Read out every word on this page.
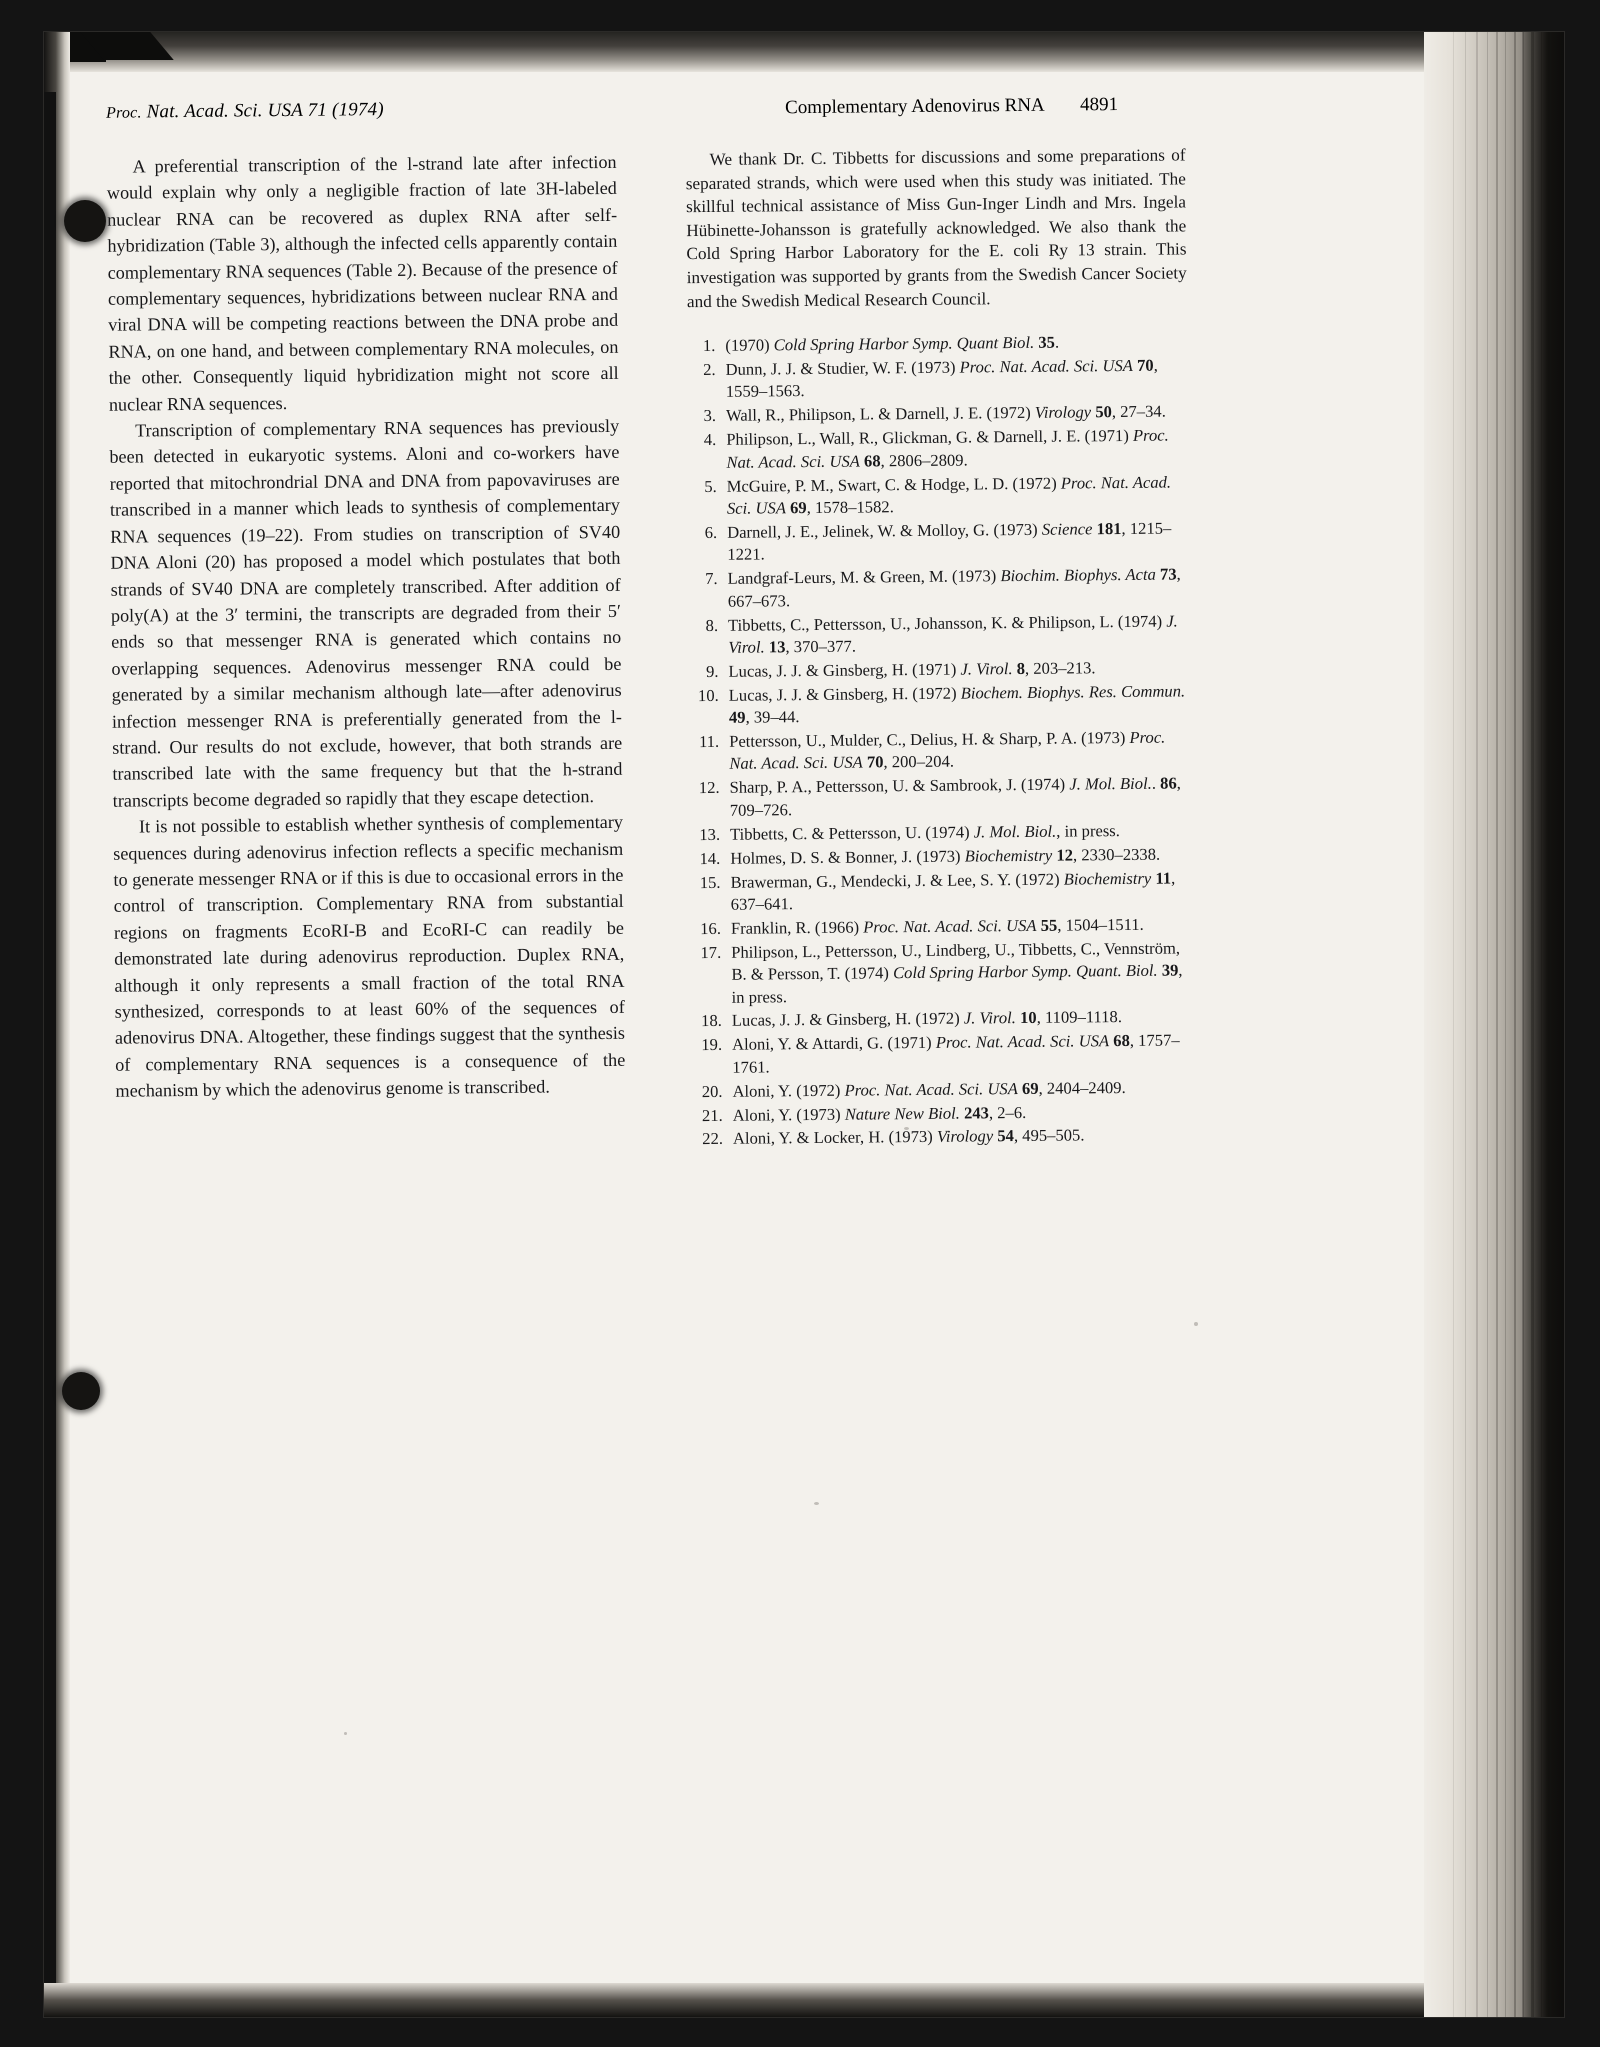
Proc. Nat. Acad. Sci. USA 71 (1974)	Complementary Adenovirus RNA 4891

A preferential transcription of the l-strand late after infection would explain why only a negligible fraction of late 3H-labeled nuclear RNA can be recovered as duplex RNA after self-hybridization (Table 3), although the infected cells apparently contain complementary RNA sequences (Table 2). Because of the presence of complementary sequences, hybridizations between nuclear RNA and viral DNA will be competing reactions between the DNA probe and RNA, on one hand, and between complementary RNA molecules, on the other. Consequently liquid hybridization might not score all nuclear RNA sequences.

Transcription of complementary RNA sequences has previously been detected in eukaryotic systems. Aloni and co-workers have reported that mitochrondrial DNA and DNA from papovaviruses are transcribed in a manner which leads to synthesis of complementary RNA sequences (19–22). From studies on transcription of SV40 DNA Aloni (20) has proposed a model which postulates that both strands of SV40 DNA are completely transcribed. After addition of poly(A) at the 3′ termini, the transcripts are degraded from their 5′ ends so that messenger RNA is generated which contains no overlapping sequences. Adenovirus messenger RNA could be generated by a similar mechanism although late—after adenovirus infection messenger RNA is preferentially generated from the l-strand. Our results do not exclude, however, that both strands are transcribed late with the same frequency but that the h-strand transcripts become degraded so rapidly that they escape detection.

It is not possible to establish whether synthesis of complementary sequences during adenovirus infection reflects a specific mechanism to generate messenger RNA or if this is due to occasional errors in the control of transcription. Complementary RNA from substantial regions on fragments EcoRI-B and EcoRI-C can readily be demonstrated late during adenovirus reproduction. Duplex RNA, although it only represents a small fraction of the total RNA synthesized, corresponds to at least 60% of the sequences of adenovirus DNA. Altogether, these findings suggest that the synthesis of complementary RNA sequences is a consequence of the mechanism by which the adenovirus genome is transcribed.

We thank Dr. C. Tibbetts for discussions and some preparations of separated strands, which were used when this study was initiated. The skillful technical assistance of Miss Gun-Inger Lindh and Mrs. Ingela Hübinette-Johansson is gratefully acknowledged. We also thank the Cold Spring Harbor Laboratory for the E. coli Ry 13 strain. This investigation was supported by grants from the Swedish Cancer Society and the Swedish Medical Research Council.

1. (1970) Cold Spring Harbor Symp. Quant Biol. 35.
2. Dunn, J. J. & Studier, W. F. (1973) Proc. Nat. Acad. Sci. USA 70, 1559–1563.
3. Wall, R., Philipson, L. & Darnell, J. E. (1972) Virology 50, 27–34.
4. Philipson, L., Wall, R., Glickman, G. & Darnell, J. E. (1971) Proc. Nat. Acad. Sci. USA 68, 2806–2809.
5. McGuire, P. M., Swart, C. & Hodge, L. D. (1972) Proc. Nat. Acad. Sci. USA 69, 1578–1582.
6. Darnell, J. E., Jelinek, W. & Molloy, G. (1973) Science 181, 1215–1221.
7. Landgraf-Leurs, M. & Green, M. (1973) Biochim. Biophys. Acta 73, 667–673.
8. Tibbetts, C., Pettersson, U., Johansson, K. & Philipson, L. (1974) J. Virol. 13, 370–377.
9. Lucas, J. J. & Ginsberg, H. (1971) J. Virol. 8, 203–213.
10. Lucas, J. J. & Ginsberg, H. (1972) Biochem. Biophys. Res. Commun. 49, 39–44.
11. Pettersson, U., Mulder, C., Delius, H. & Sharp, P. A. (1973) Proc. Nat. Acad. Sci. USA 70, 200–204.
12. Sharp, P. A., Pettersson, U. & Sambrook, J. (1974) J. Mol. Biol.. 86, 709–726.
13. Tibbetts, C. & Pettersson, U. (1974) J. Mol. Biol., in press.
14. Holmes, D. S. & Bonner, J. (1973) Biochemistry 12, 2330–2338.
15. Brawerman, G., Mendecki, J. & Lee, S. Y. (1972) Biochemistry 11, 637–641.
16. Franklin, R. (1966) Proc. Nat. Acad. Sci. USA 55, 1504–1511.
17. Philipson, L., Pettersson, U., Lindberg, U., Tibbetts, C., Vennström, B. & Persson, T. (1974) Cold Spring Harbor Symp. Quant. Biol. 39, in press.
18. Lucas, J. J. & Ginsberg, H. (1972) J. Virol. 10, 1109–1118.
19. Aloni, Y. & Attardi, G. (1971) Proc. Nat. Acad. Sci. USA 68, 1757–1761.
20. Aloni, Y. (1972) Proc. Nat. Acad. Sci. USA 69, 2404–2409.
21. Aloni, Y. (1973) Nature New Biol. 243, 2–6.
22. Aloni, Y. & Locker, H. (1973) Virology 54, 495–505.
